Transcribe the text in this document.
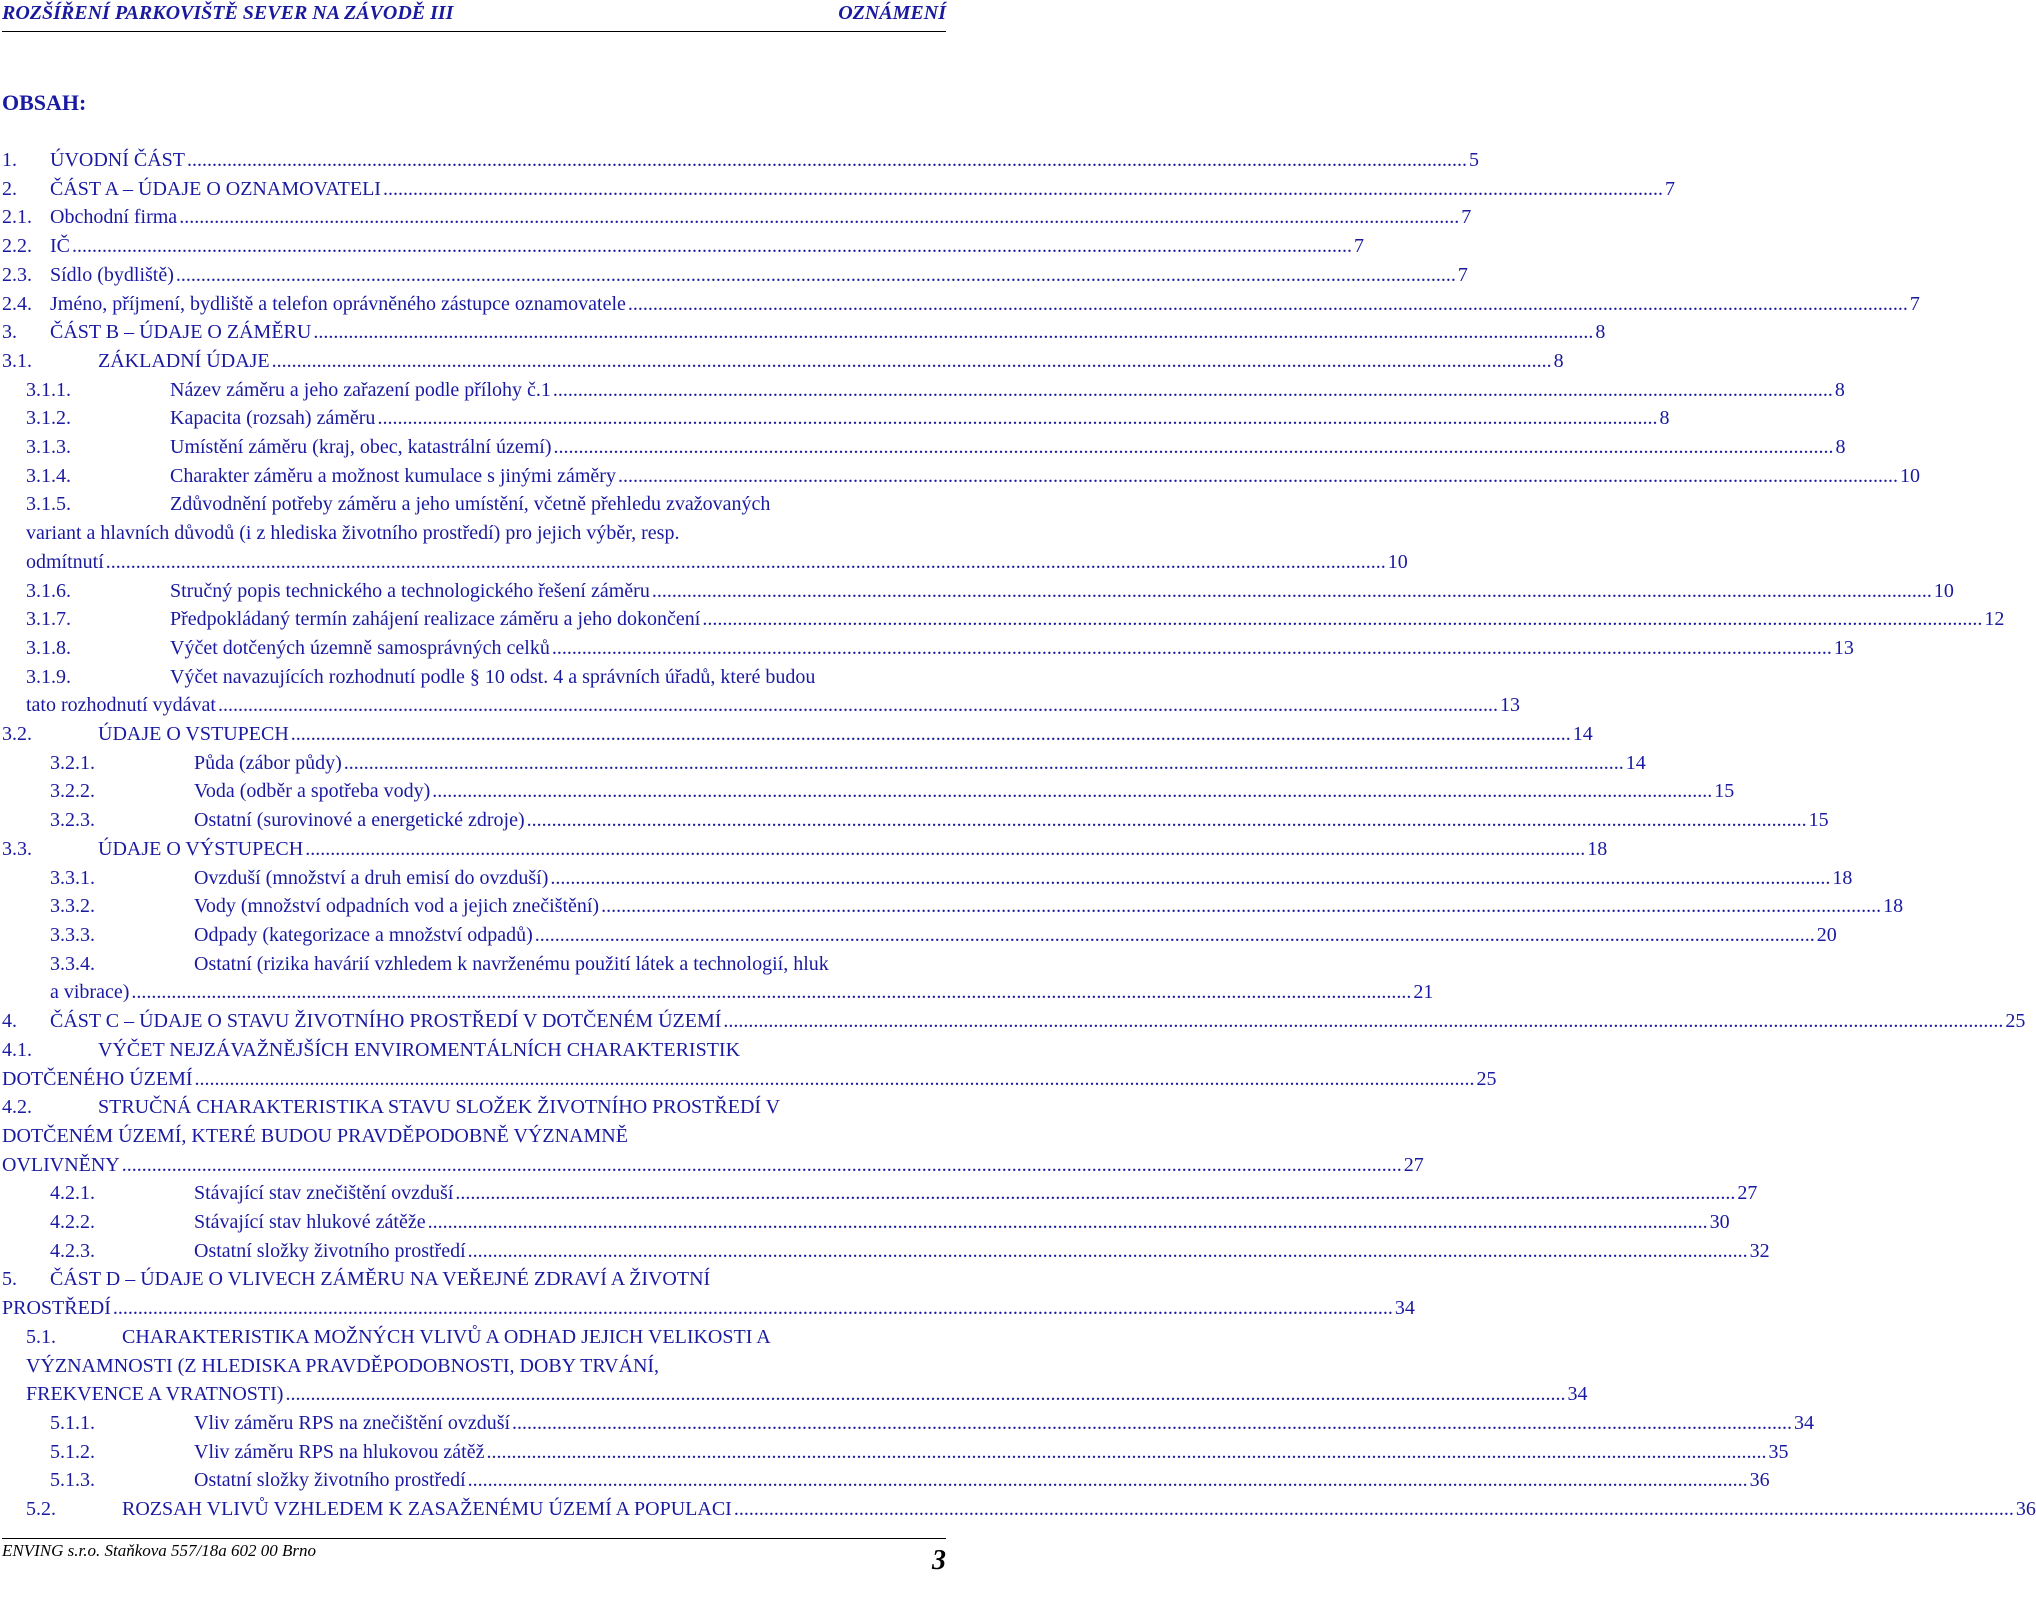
ROZŠÍŘENÍ PARKOVIŠTĚ SEVER NA ZÁVODĚ III	OZNÁMENÍ
OBSAH:
1.	ÚVODNÍ ČÁST .....	5
2.	ČÁST A – ÚDAJE O OZNAMOVATELI .....	7
2.1. Obchodní firma .....	7
2.2. IČ .....	7
2.3. Sídlo (bydliště) .....	7
2.4. Jméno, příjmení, bydliště a telefon oprávněného zástupce oznamovatele .....	7
3.	ČÁST B – ÚDAJE O ZÁMĚRU .....	8
3.1.	ZÁKLADNÍ ÚDAJE .....	8
3.1.1.	Název záměru a jeho zařazení podle přílohy č.1 .....	8
3.1.2.	Kapacita (rozsah) záměru .....	8
3.1.3.	Umístění záměru (kraj, obec, katastrální území) .....	8
3.1.4.	Charakter záměru a možnost kumulace s jinými záměry .....	10
3.1.5.	Zdůvodnění potřeby záměru a jeho umístění, včetně přehledu zvažovaných
variant a hlavních důvodů (i z hlediska životního prostředí) pro jejich výběr, resp.
odmítnutí .....	10
3.1.6.	Stručný popis technického a technologického řešení záměru .....	10
3.1.7.	Předpokládaný termín zahájení realizace záměru a jeho dokončení .....	12
3.1.8.	Výčet dotčených územně samosprávných celků .....	13
3.1.9.	Výčet navazujících rozhodnutí podle § 10 odst. 4 a správních úřadů, které budou
tato rozhodnutí vydávat .....	13
3.2.	ÚDAJE O VSTUPECH .....	14
3.2.1.	Půda (zábor půdy) .....	14
3.2.2.	Voda (odběr a spotřeba vody) .....	15
3.2.3.	Ostatní (surovinové a energetické zdroje) .....	15
3.3.	ÚDAJE O VÝSTUPECH .....	18
3.3.1.	Ovzduší (množství a druh emisí do ovzduší) .....	18
3.3.2.	Vody (množství odpadních vod a jejich znečištění) .....	18
3.3.3.	Odpady (kategorizace a množství odpadů) .....	20
3.3.4.	Ostatní (rizika havárií vzhledem k navrženému použití látek a technologií, hluk
a vibrace) .....	21
4.	ČÁST C – ÚDAJE O STAVU ŽIVOTNÍHO PROSTŘEDÍ V DOTČENÉM ÚZEMÍ .....	25
4.1.	VÝČET NEJZÁVAŽNĚJŠÍCH ENVIROMENTÁLNÍCH CHARAKTERISTIK
DOTČENÉHO ÚZEMÍ .....	25
4.2.	STRUČNÁ CHARAKTERISTIKA STAVU SLOŽEK ŽIVOTNÍHO PROSTŘEDÍ V
DOTČENÉM ÚZEMÍ, KTERÉ BUDOU PRAVDĚPODOBNĚ VÝZNAMNĚ
OVLIVNĚNY .....	27
4.2.1.	Stávající stav znečištění ovzduší .....	27
4.2.2.	Stávající stav hlukové zátěže .....	30
4.2.3.	Ostatní složky životního prostředí .....	32
5.	ČÁST D – ÚDAJE O VLIVECH ZÁMĚRU NA VEŘEJNÉ ZDRAVÍ A ŽIVOTNÍ
PROSTŘEDÍ .....	34
5.1.	CHARAKTERISTIKA MOŽNÝCH VLIVŮ A ODHAD JEJICH VELIKOSTI A
VÝZNAMNOSTI (Z HLEDISKA PRAVDĚPODOBNOSTI, DOBY TRVÁNÍ,
FREKVENCE A VRATNOSTI) .....	34
5.1.1.	Vliv záměru RPS na znečištění ovzduší .....	34
5.1.2.	Vliv záměru RPS na hlukovou zátěž .....	35
5.1.3.	Ostatní složky životního prostředí .....	36
5.2.	ROZSAH VLIVŮ VZHLEDEM K ZASAŽENÉMU ÚZEMÍ A POPULACI .....	36
ENVING s.r.o. Staňkova 557/18a 602 00 Brno	3
